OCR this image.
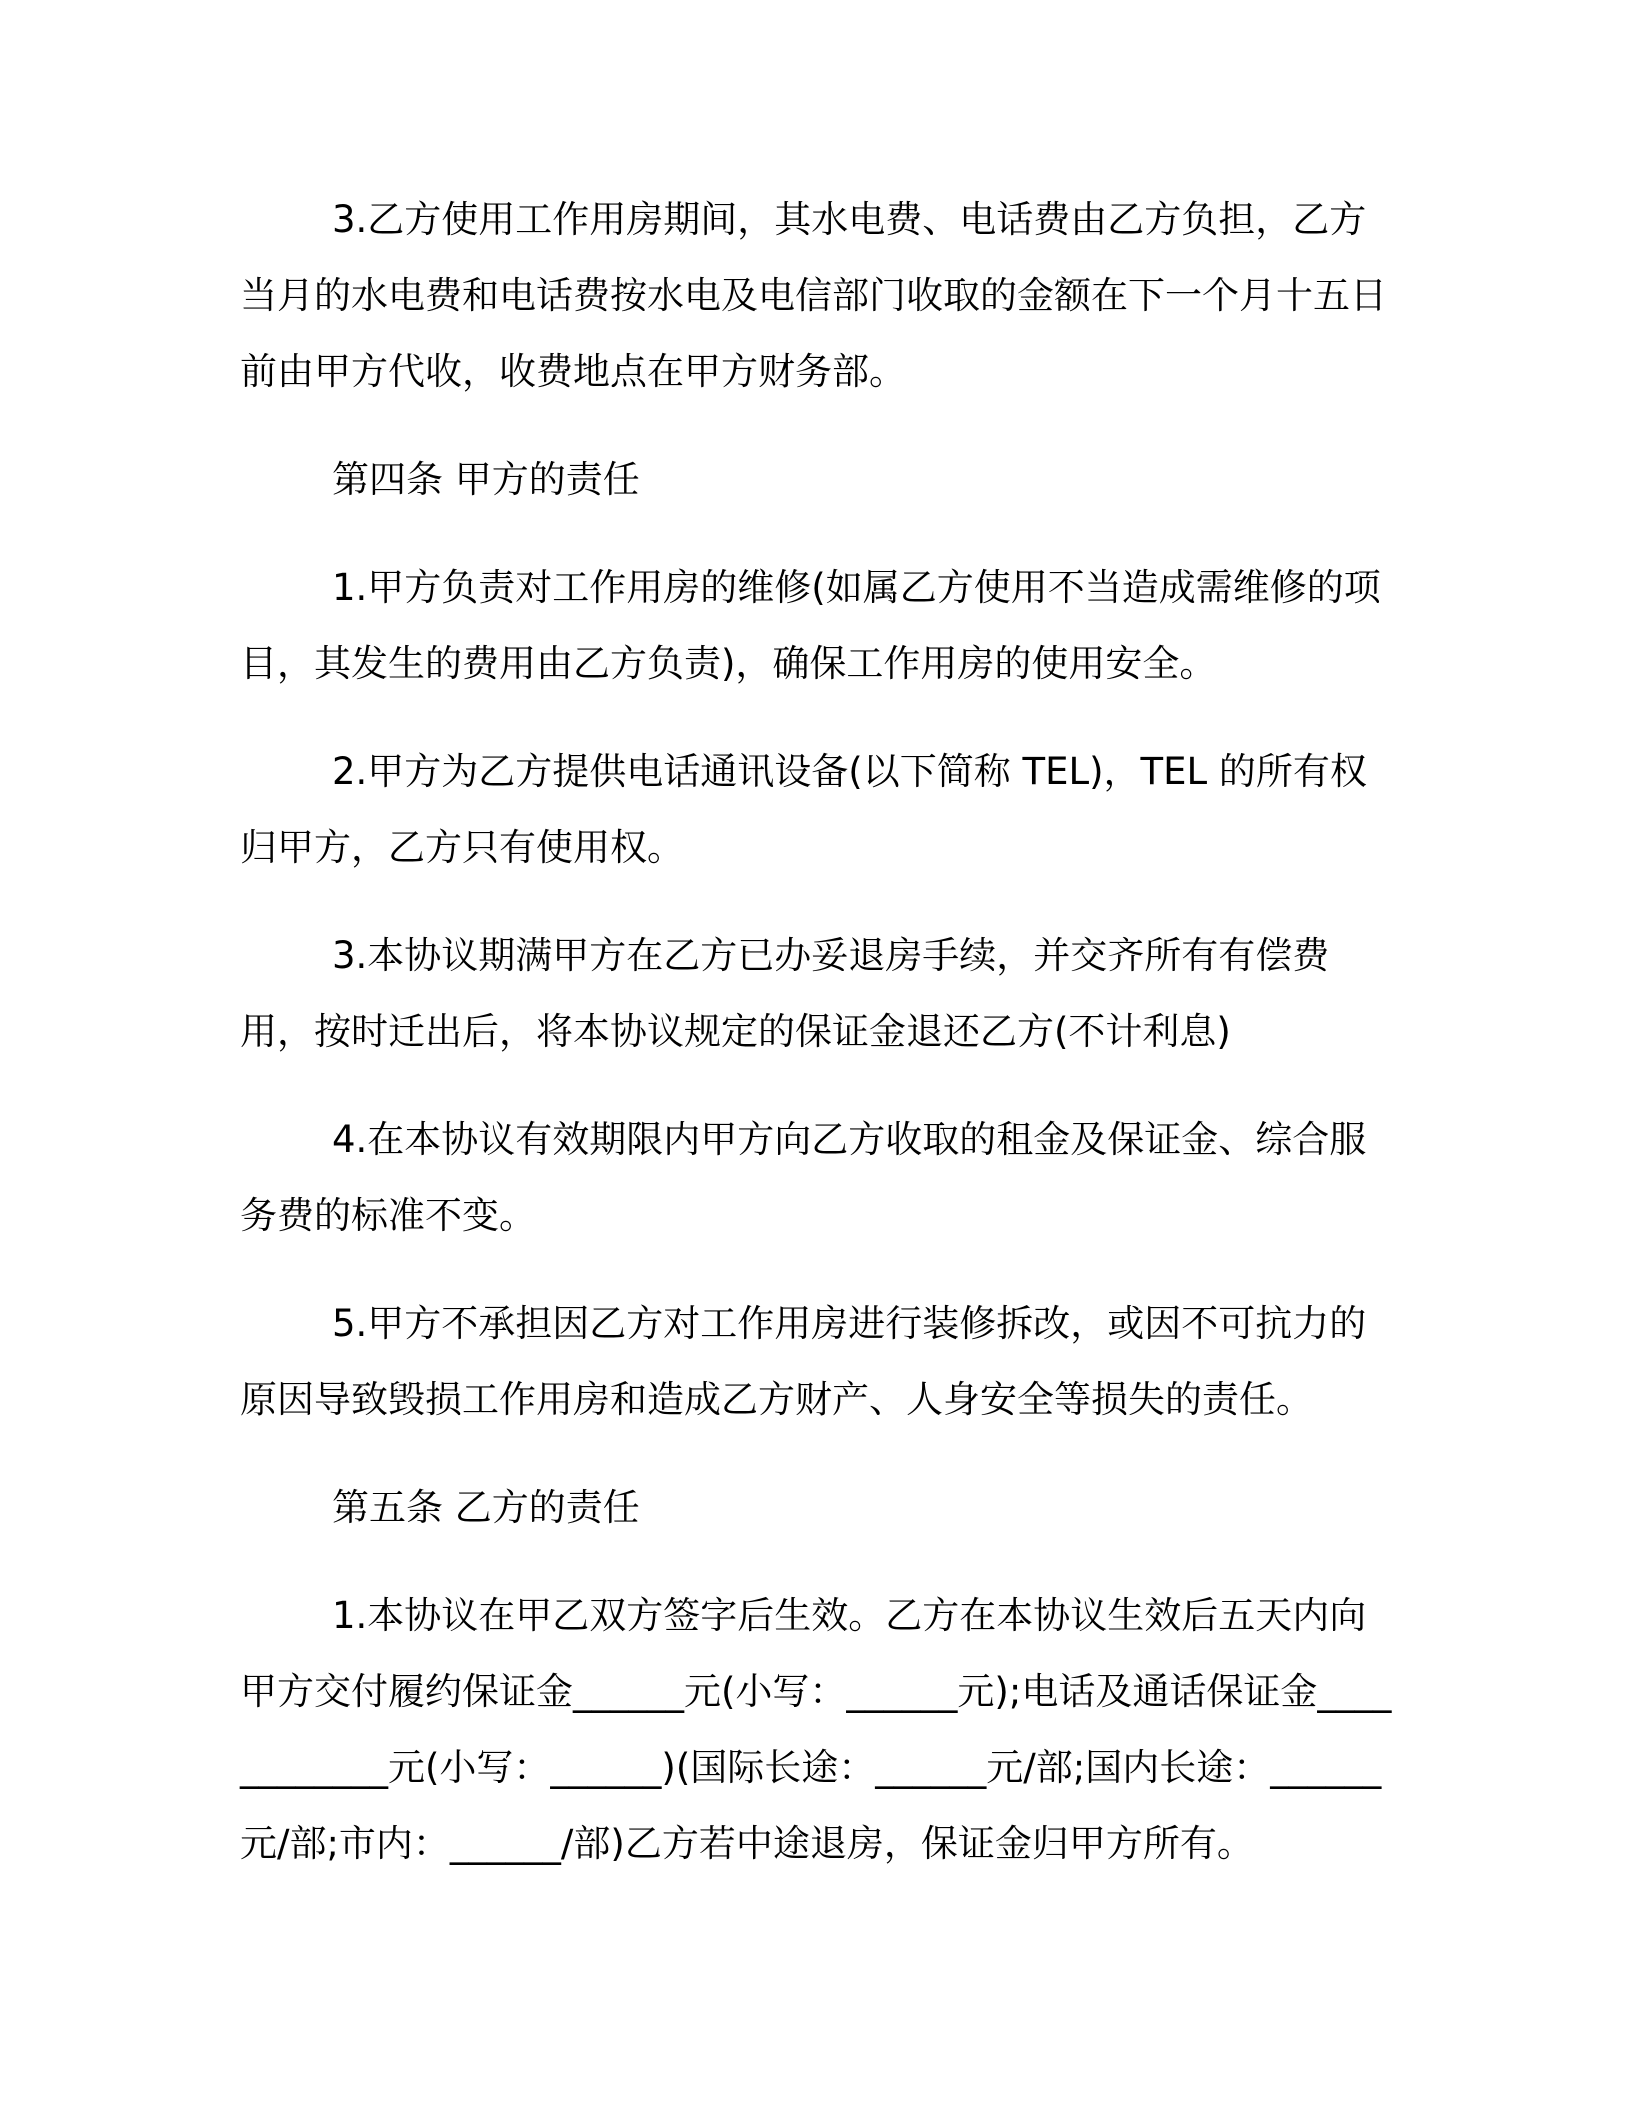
3.乙方使用工作用房期间，其水电费、电话费由乙方负担，乙方当月的水电费和电话费按水电及电信部门收取的金额在下一个月十五日前由甲方代收，收费地点在甲方财务部。

第四条 甲方的责任

1.甲方负责对工作用房的维修(如属乙方使用不当造成需维修的项目，其发生的费用由乙方负责)，确保工作用房的使用安全。

2.甲方为乙方提供电话通讯设备(以下简称 TEL)，TEL 的所有权归甲方，乙方只有使用权。

3.本协议期满甲方在乙方已办妥退房手续，并交齐所有有偿费用，按时迁出后，将本协议规定的保证金退还乙方(不计利息)

4.在本协议有效期限内甲方向乙方收取的租金及保证金、综合服务费的标准不变。

5.甲方不承担因乙方对工作用房进行装修拆改，或因不可抗力的原因导致毁损工作用房和造成乙方财产、人身安全等损失的责任。

第五条 乙方的责任

1.本协议在甲乙双方签字后生效。乙方在本协议生效后五天内向甲方交付履约保证金______元(小写：______元);电话及通话保证金____________元(小写：______)(国际长途：______元/部;国内长途：______元/部;市内：______/部)乙方若中途退房，保证金归甲方所有。
